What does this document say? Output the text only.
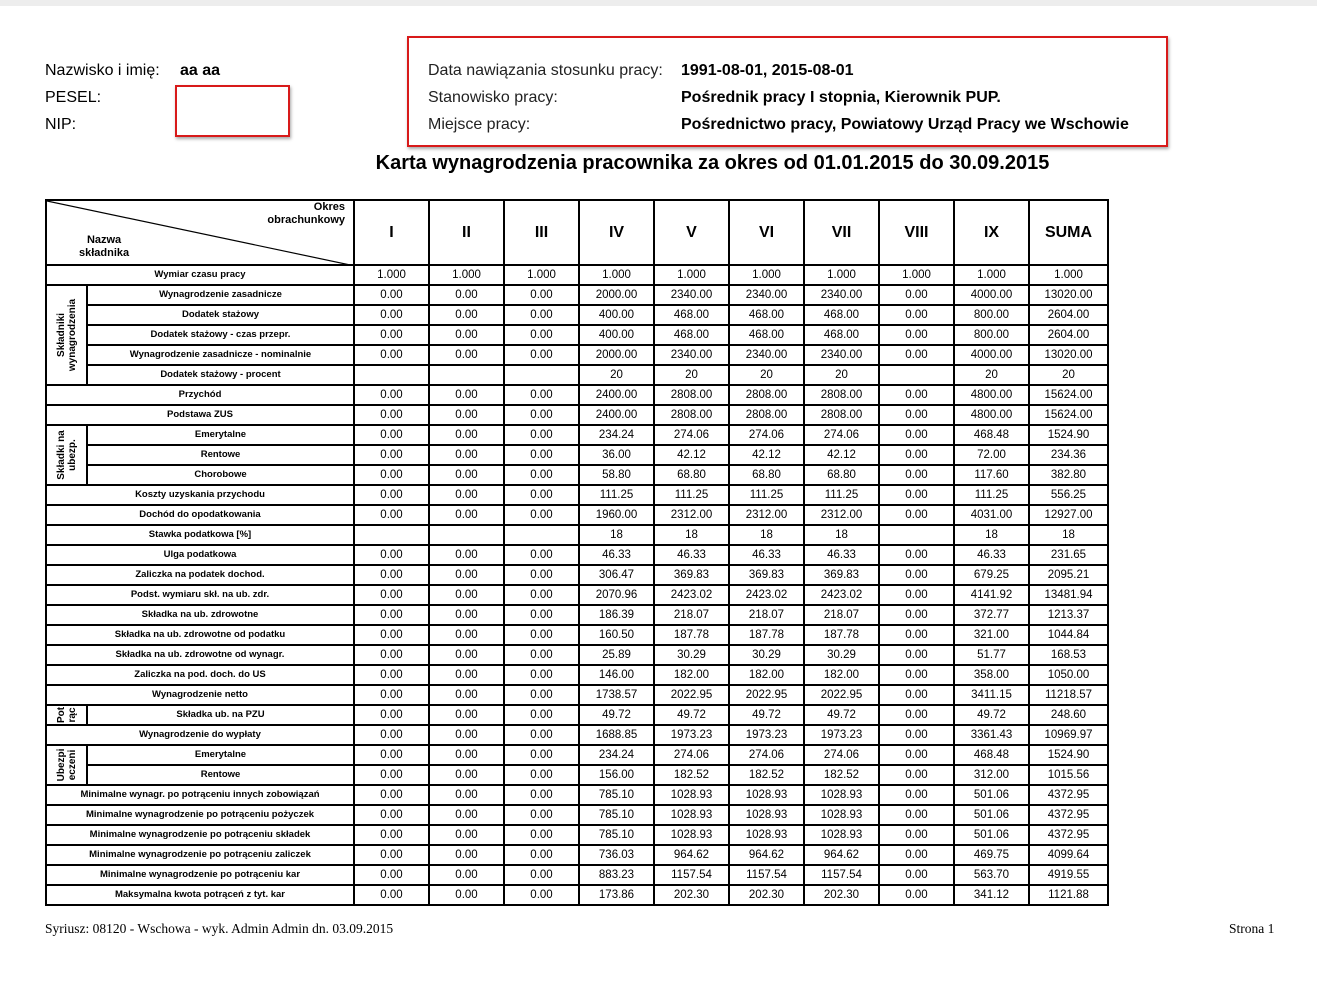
Nazwisko i imię: aa aa
PESEL:
NIP:
Data nawiązania stosunku pracy: 1991-08-01, 2015-08-01
Stanowisko pracy:	Pośrednik pracy I stopnia, Kierownik PUP.
Miejsce pracy:	Pośrednictwo pracy, Powiatowy Urząd Pracy we Wschowie
Karta wynagrodzenia pracownika za okres od 01.01.2015 do 30.09.2015
Okres
obrachunkowy
Nazwa
składnika		I	II	III	IV	V	VI	VII	VIII	IX	SUMA
Wymiar czasu pracy		1.000	1.000	1.000	1.000	1.000	1.000	1.000	1.000	1.000	1.000

Składniki
wynagrodzenia	Wynagrodzenie zasadnicze	0.00	0.00	0.00	2000.00	2340.00	2340.00	2340.00	0.00	4000.00	13020.00
	Dodatek stażowy	0.00	0.00	0.00	400.00	468.00	468.00	468.00	0.00	800.00	2604.00
	Dodatek stażowy - czas przepr.	0.00	0.00	0.00	400.00	468.00	468.00	468.00	0.00	800.00	2604.00
	Wynagrodzenie zasadnicze - nominalnie	0.00	0.00	0.00	2000.00	2340.00	2340.00	2340.00	0.00	4000.00	13020.00
	Dodatek stażowy - procent				20	20	20	20		20	20
Przychód		0.00	0.00	0.00	2400.00	2808.00	2808.00	2808.00	0.00	4800.00	15624.00
Podstawa ZUS		0.00	0.00	0.00	2400.00	2808.00	2808.00	2808.00	0.00	4800.00	15624.00

Składki na
ubezp.	Emerytalne	0.00	0.00	0.00	234.24	274.06	274.06	274.06	0.00	468.48	1524.90
	Rentowe	0.00	0.00	0.00	36.00	42.12	42.12	42.12	0.00	72.00	234.36
	Chorobowe	0.00	0.00	0.00	58.80	68.80	68.80	68.80	0.00	117.60	382.80
Koszty uzyskania przychodu		0.00	0.00	0.00	111.25	111.25	111.25	111.25	0.00	111.25	556.25
Dochód do opodatkowania		0.00	0.00	0.00	1960.00	2312.00	2312.00	2312.00	0.00	4031.00	12927.00
Stawka podatkowa [%]					18	18	18	18		18	18
Ulga podatkowa		0.00	0.00	0.00	46.33	46.33	46.33	46.33	0.00	46.33	231.65
Zaliczka na podatek dochod.		0.00	0.00	0.00	306.47	369.83	369.83	369.83	0.00	679.25	2095.21
Podst. wymiaru skł. na ub. zdr.		0.00	0.00	0.00	2070.96	2423.02	2423.02	2423.02	0.00	4141.92	13481.94
Składka na ub. zdrowotne		0.00	0.00	0.00	186.39	218.07	218.07	218.07	0.00	372.77	1213.37
Składka na ub. zdrowotne od podatku		0.00	0.00	0.00	160.50	187.78	187.78	187.78	0.00	321.00	1044.84
Składka na ub. zdrowotne od wynagr.		0.00	0.00	0.00	25.89	30.29	30.29	30.29	0.00	51.77	168.53
Zaliczka na pod. doch. do US		0.00	0.00	0.00	146.00	182.00	182.00	182.00	0.00	358.00	1050.00
Wynagrodzenie netto		0.00	0.00	0.00	1738.57	2022.95	2022.95	2022.95	0.00	3411.15	11218.57

Pot
rąc	Składka ub. na PZU	0.00	0.00	0.00	49.72	49.72	49.72	49.72	0.00	49.72	248.60
Wynagrodzenie do wypłaty		0.00	0.00	0.00	1688.85	1973.23	1973.23	1973.23	0.00	3361.43	10969.97

Ubezpi
eczeni	Emerytalne	0.00	0.00	0.00	234.24	274.06	274.06	274.06	0.00	468.48	1524.90
	Rentowe	0.00	0.00	0.00	156.00	182.52	182.52	182.52	0.00	312.00	1015.56
Minimalne wynagr. po potrąceniu innych zobowiązań		0.00	0.00	0.00	785.10	1028.93	1028.93	1028.93	0.00	501.06	4372.95
Minimalne wynagrodzenie po potrąceniu pożyczek		0.00	0.00	0.00	785.10	1028.93	1028.93	1028.93	0.00	501.06	4372.95
Minimalne wynagrodzenie po potrąceniu składek		0.00	0.00	0.00	785.10	1028.93	1028.93	1028.93	0.00	501.06	4372.95
Minimalne wynagrodzenie po potrąceniu zaliczek		0.00	0.00	0.00	736.03	964.62	964.62	964.62	0.00	469.75	4099.64
Minimalne wynagrodzenie po potrąceniu kar		0.00	0.00	0.00	883.23	1157.54	1157.54	1157.54	0.00	563.70	4919.55
Maksymalna kwota potrąceń z tyt. kar		0.00	0.00	0.00	173.86	202.30	202.30	202.30	0.00	341.12	1121.88
Syriusz: 08120 - Wschowa - wyk. Admin Admin dn. 03.09.2015	Strona 1
